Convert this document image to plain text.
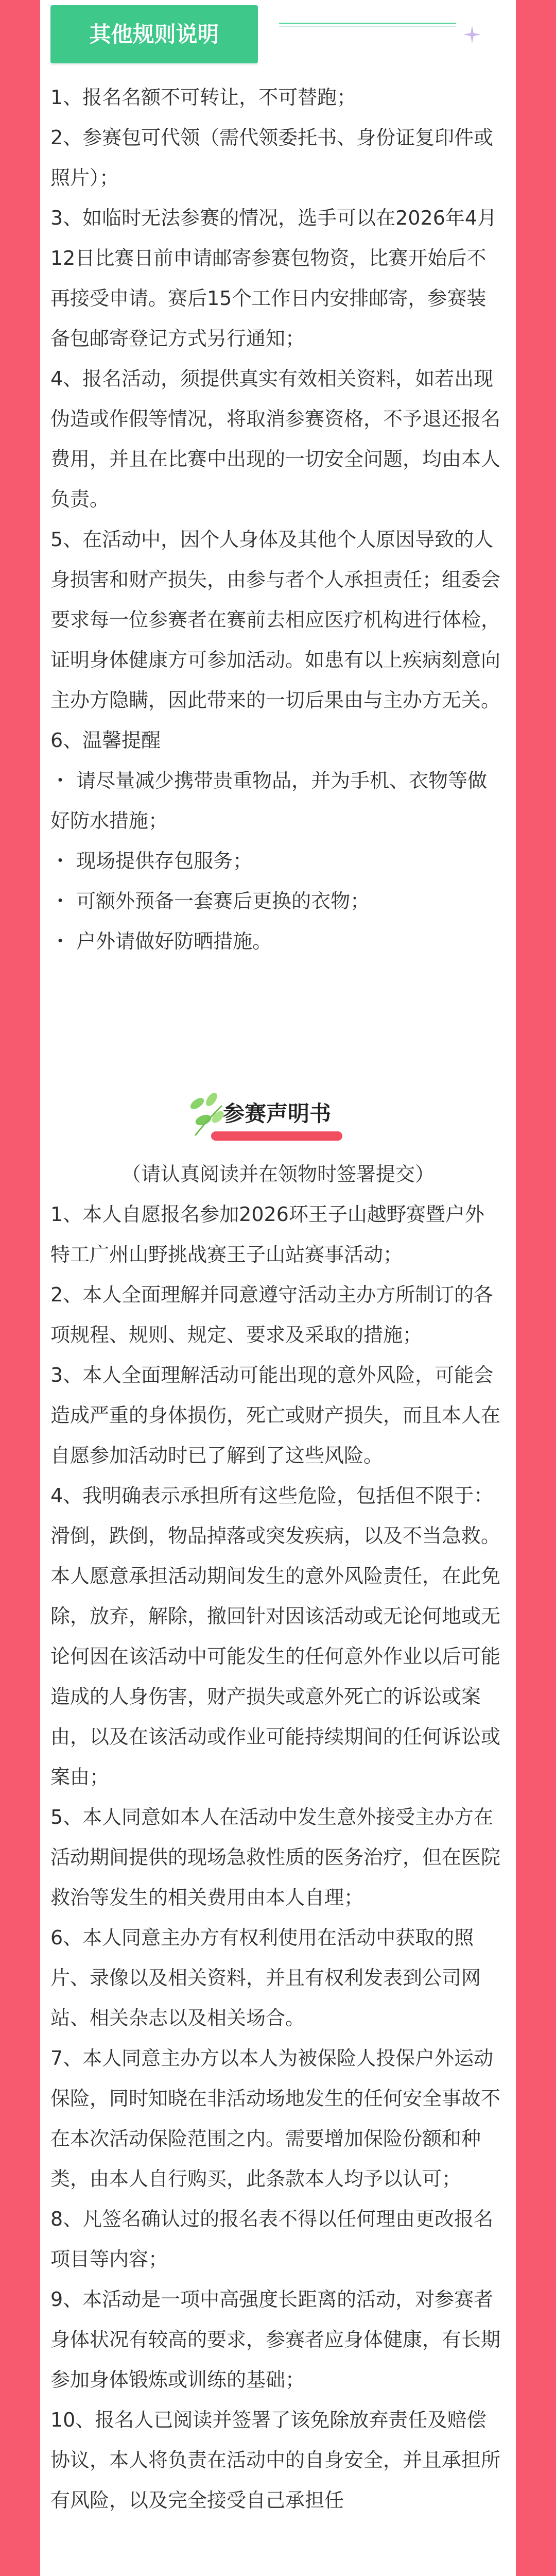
其他规则说明
1、报名名额不可转让，不可替跑；
2、参赛包可代领（需代领委托书、身份证复印件或照片）；
3、如临时无法参赛的情况，选手可以在2026年4月12日比赛日前申请邮寄参赛包物资，比赛开始后不再接受申请。赛后15个工作日内安排邮寄，参赛装备包邮寄登记方式另行通知；
4、报名活动，须提供真实有效相关资料，如若出现伪造或作假等情况，将取消参赛资格，不予退还报名费用，并且在比赛中出现的一切安全问题，均由本人负责。
5、在活动中，因个人身体及其他个人原因导致的人身损害和财产损失，由参与者个人承担责任；组委会要求每一位参赛者在赛前去相应医疗机构进行体检，证明身体健康方可参加活动。如患有以上疾病刻意向主办方隐瞒，因此带来的一切后果由与主办方无关。
6、温馨提醒
・ 请尽量减少携带贵重物品，并为手机、衣物等做好防水措施；
・ 现场提供存包服务；
・ 可额外预备一套赛后更换的衣物；
・ 户外请做好防晒措施。
参赛声明书
（请认真阅读并在领物时签署提交）
1、本人自愿报名参加2026环王子山越野赛暨户外特工广州山野挑战赛王子山站赛事活动；
2、本人全面理解并同意遵守活动主办方所制订的各项规程、规则、规定、要求及采取的措施；
3、本人全面理解活动可能出现的意外风险，可能会造成严重的身体损伤，死亡或财产损失，而且本人在自愿参加活动时已了解到了这些风险。
4、我明确表示承担所有这些危险，包括但不限于：滑倒，跌倒，物品掉落或突发疾病，以及不当急救。本人愿意承担活动期间发生的意外风险责任，在此免除，放弃，解除，撤回针对因该活动或无论何地或无论何因在该活动中可能发生的任何意外作业以后可能造成的人身伤害，财产损失或意外死亡的诉讼或案由，以及在该活动或作业可能持续期间的任何诉讼或案由；
5、本人同意如本人在活动中发生意外接受主办方在活动期间提供的现场急救性质的医务治疗，但在医院救治等发生的相关费用由本人自理；
6、本人同意主办方有权利使用在活动中获取的照片、录像以及相关资料，并且有权利发表到公司网站、相关杂志以及相关场合。
7、本人同意主办方以本人为被保险人投保户外运动保险，同时知晓在非活动场地发生的任何安全事故不在本次活动保险范围之内。需要增加保险份额和种类，由本人自行购买，此条款本人均予以认可；
8、凡签名确认过的报名表不得以任何理由更改报名项目等内容；
9、本活动是一项中高强度长距离的活动，对参赛者身体状况有较高的要求，参赛者应身体健康，有长期参加身体锻炼或训练的基础；
10、报名人已阅读并签署了该免除放弃责任及赔偿协议，本人将负责在活动中的自身安全，并且承担所有风险，以及完全接受自己承担任
